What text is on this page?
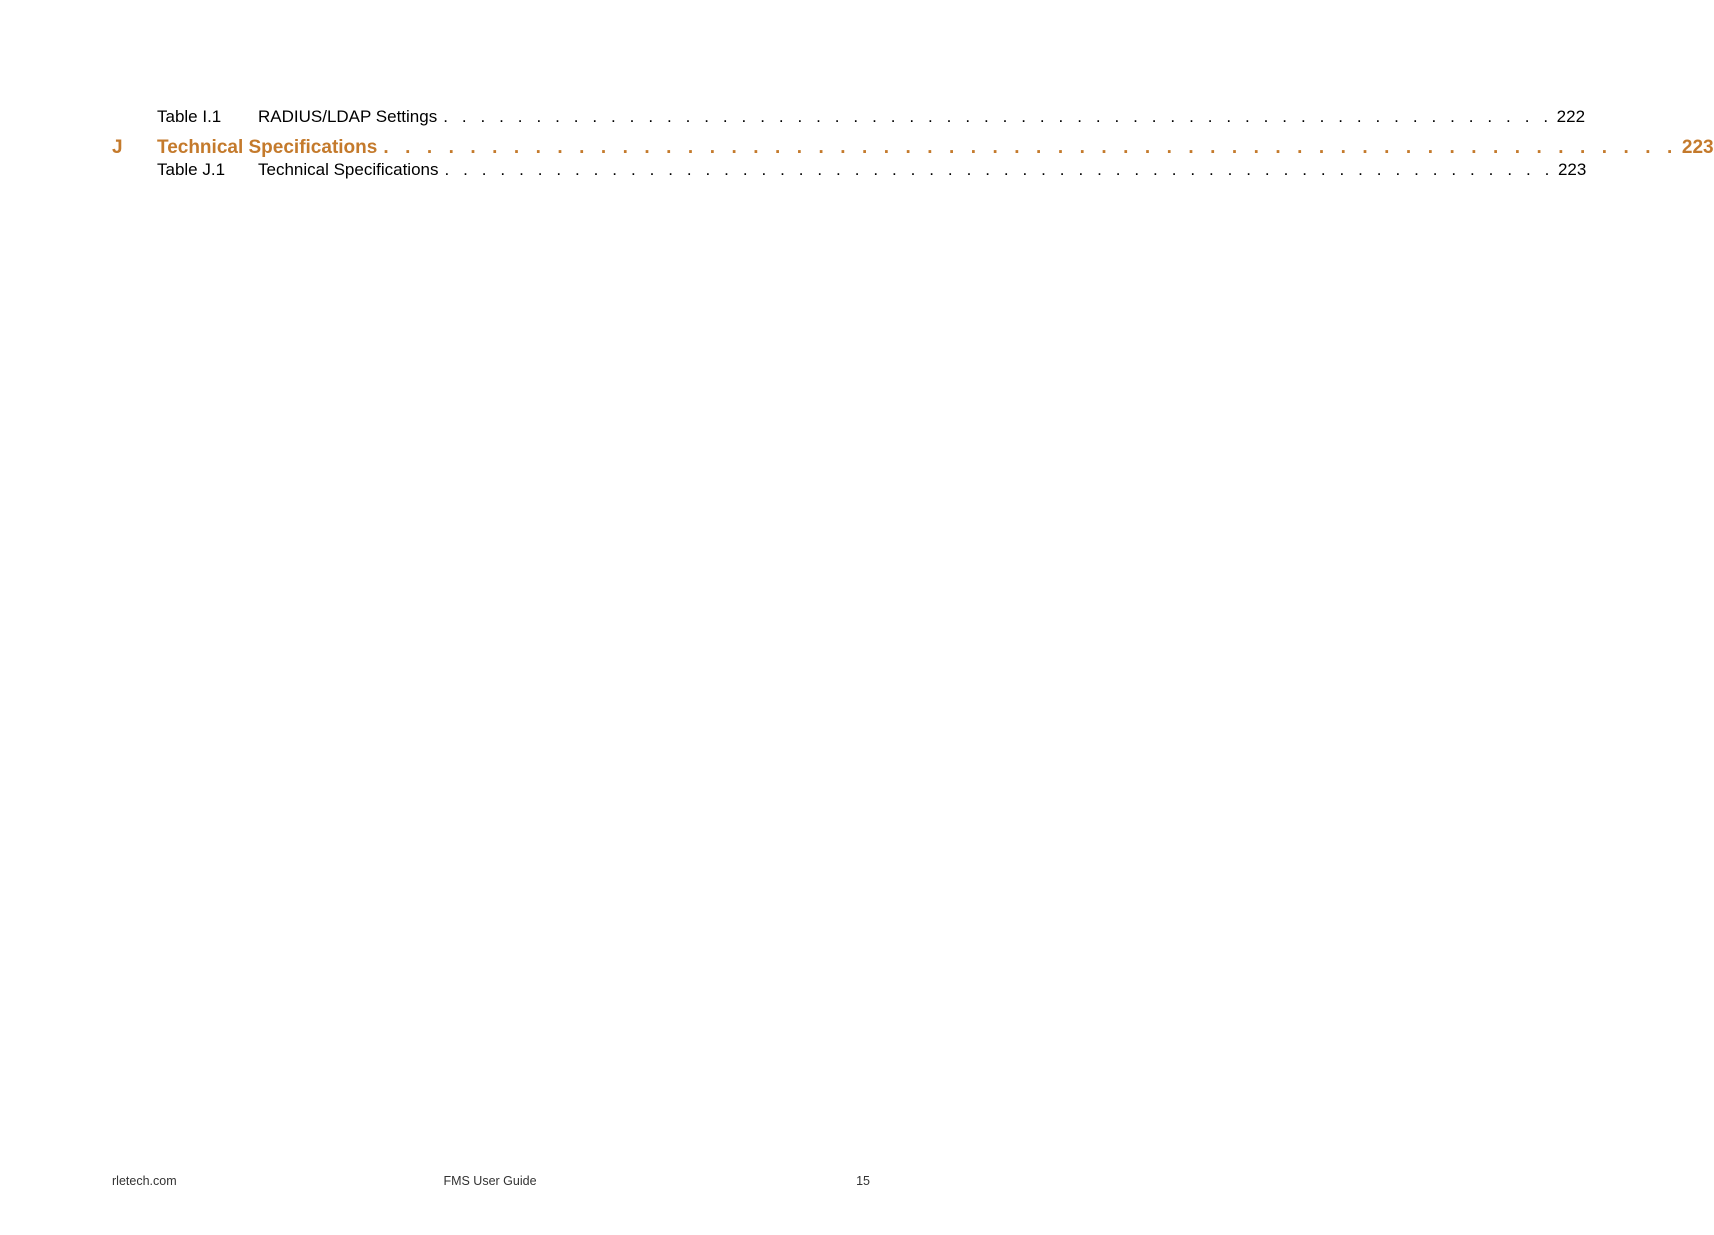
Table I.1 RADIUS/LDAP Settings . . . . . . . . . . . . . . . . . . . . . . . . . . . . . . . . . . . . . . . . . . . . . . . . . . . . . . . . . . . . 222
J Technical Specifications . . . . . . . . . . . . . . . . . . . . . . . . . . . . . . . . . . . . . . . . . . . . . . . . . . . . . . . . . . . . 223
Table J.1 Technical Specifications . . . . . . . . . . . . . . . . . . . . . . . . . . . . . . . . . . . . . . . . . . . . . . . . . . . . . . . . . . . . 223
rletech.com	FMS User Guide	15
